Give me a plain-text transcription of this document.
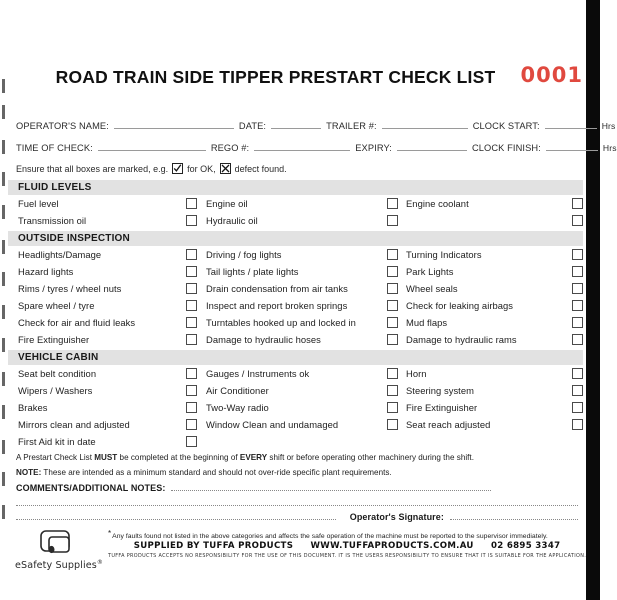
ROAD TRAIN SIDE TIPPER PRESTART CHECK LIST	0001
OPERATOR'S NAME:	DATE:	TRAILER #:	CLOCK START:	Hrs
TIME OF CHECK:	REGO #:	EXPIRY:	CLOCK FINISH:	Hrs
Ensure that all boxes are marked, e.g. for OK, ☒ defect found.
FLUID LEVELS
Fuel level	Engine oil	Engine coolant
Transmission oil	Hydraulic oil
OUTSIDE INSPECTION
Headlights/Damage	Driving / fog lights	Turning Indicators
Hazard lights	Tail lights / plate lights	Park Lights
Rims / tyres / wheel nuts	Drain condensation from air tanks	Wheel seals
Spare wheel / tyre	Inspect and report broken springs	Check for leaking airbags
Check for air and fluid leaks	Turntables hooked up and locked in	Mud flaps
Fire Extinguisher	Damage to hydraulic hoses	Damage to hydraulic rams
VEHICLE CABIN
Seat belt condition	Gauges / Instruments ok	Horn
Wipers / Washers	Air Conditioner	Steering system
Brakes	Two-Way radio	Fire Extinguisher
Mirrors clean and adjusted	Window Clean and undamaged	Seat reach adjusted
First Aid kit in date
A Prestart Check List MUST be completed at the beginning of EVERY shift or before operating other machinery during the shift.
NOTE: These are intended as a minimum standard and should not over-ride specific plant requirements.
COMMENTS/ADDITIONAL NOTES:
Operator's Signature:
eSafety Supplies®
*Any faults found not listed in the above categories and affects the safe operation of the machine must be reported to the supervisor immediately.
SUPPLIED BY TUFFA PRODUCTS WWW.TUFFAPRODUCTS.COM.AU 02 6895 3347
TUFFA PRODUCTS ACCEPTS NO RESPONSIBILITY FOR THE USE OF THIS DOCUMENT. IT IS THE USERS RESPONSIBILITY TO ENSURE THAT IT IS SUITABLE FOR THE APPLICATION.
